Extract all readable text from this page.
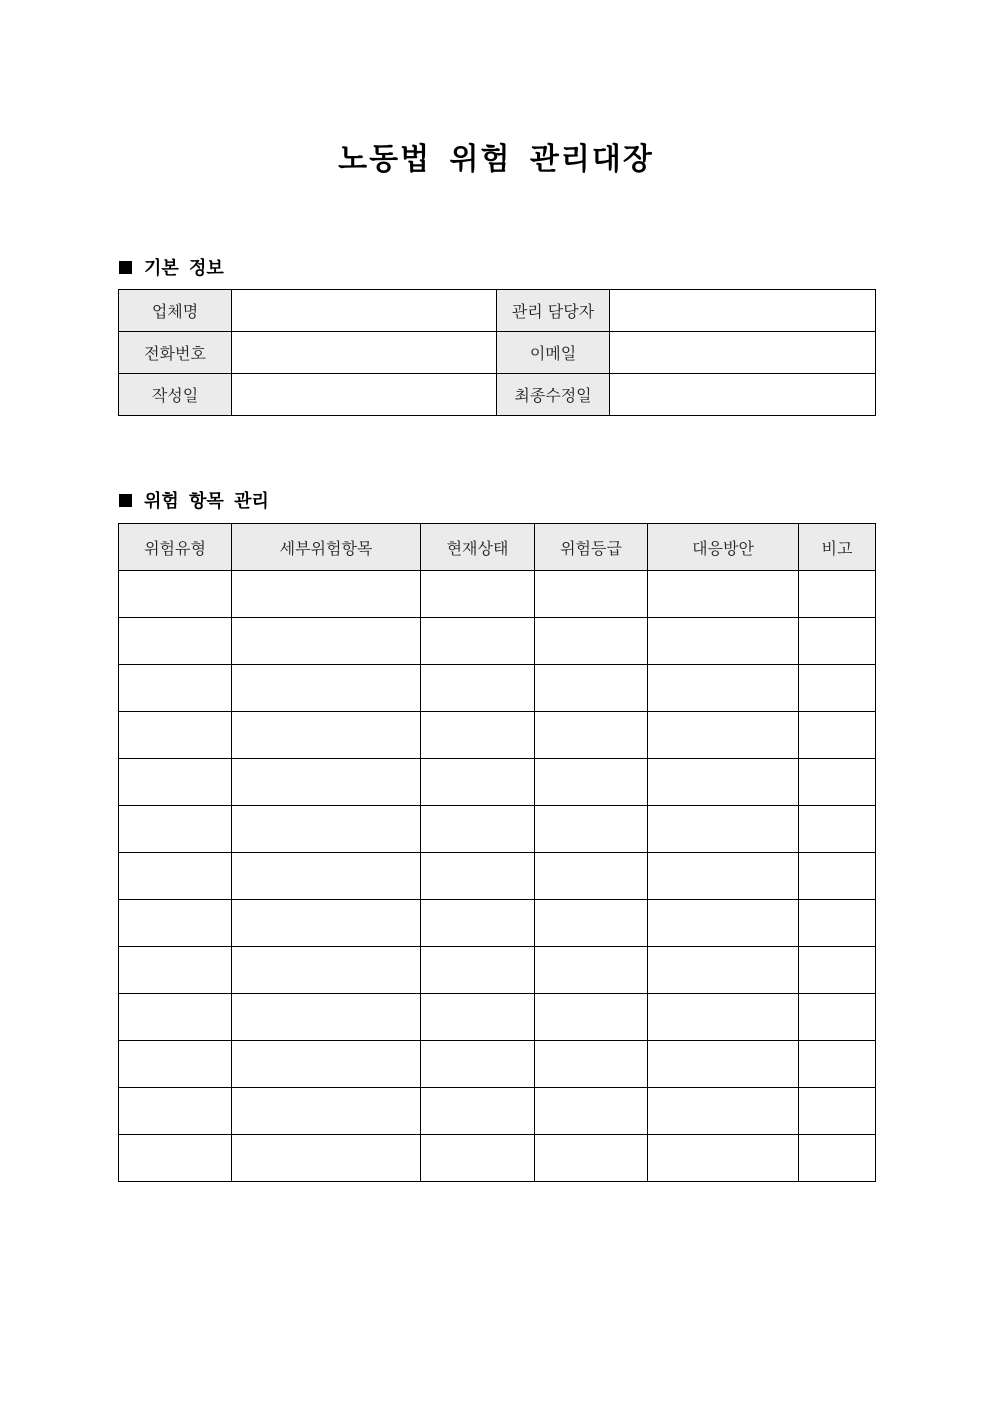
노동법 위험 관리대장
기본 정보
업체명		관리 담당자	
전화번호		이메일	
작성일		최종수정일	
위험 항목 관리
위험유형	세부위험항목	현재상태	위험등급	대응방안	비고
